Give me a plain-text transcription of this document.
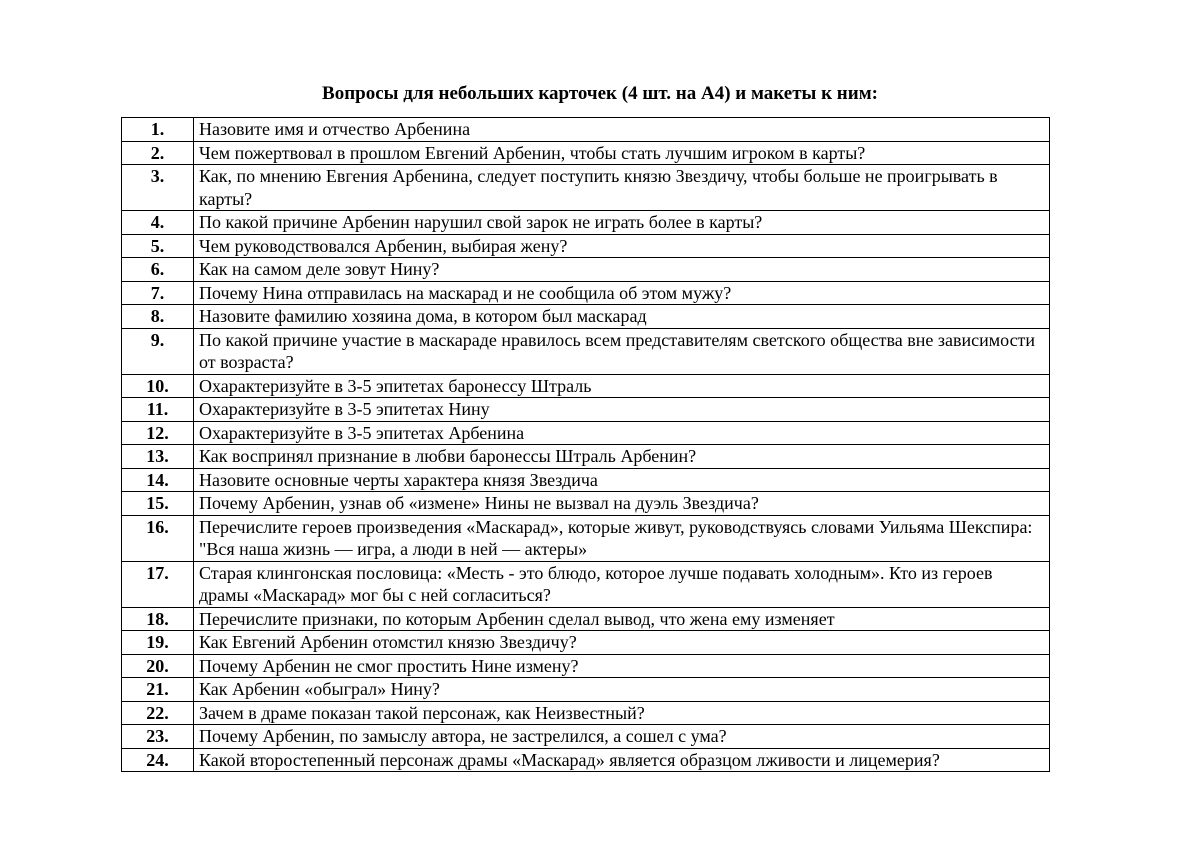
Вопросы для небольших карточек (4 шт. на А4) и макеты к ним:
1.	Назовите имя и отчество Арбенина
2.	Чем пожертвовал в прошлом Евгений Арбенин, чтобы стать лучшим игроком в карты?
3.	Как, по мнению Евгения Арбенина, следует поступить князю Звездичу, чтобы больше не проигрывать в карты?
4.	По какой причине Арбенин нарушил свой зарок не играть более в карты?
5.	Чем руководствовался Арбенин, выбирая жену?
6.	Как на самом деле зовут Нину?
7.	Почему Нина отправилась на маскарад и не сообщила об этом мужу?
8.	Назовите фамилию хозяина дома, в котором был маскарад
9.	По какой причине участие в маскараде нравилось всем представителям светского общества вне зависимости от возраста?
10.	Охарактеризуйте в 3-5 эпитетах баронессу Штраль
11.	Охарактеризуйте в 3-5 эпитетах Нину
12.	Охарактеризуйте в 3-5 эпитетах Арбенина
13.	Как воспринял признание в любви баронессы Штраль Арбенин?
14.	Назовите основные черты характера князя Звездича
15.	Почему Арбенин, узнав об «измене» Нины не вызвал на дуэль Звездича?
16.	Перечислите героев произведения «Маскарад», которые живут, руководствуясь словами Уильяма Шекспира: "Вся наша жизнь — игра, а люди в ней — актеры»
17.	Старая клингонская пословица: «Месть - это блюдо, которое лучше подавать холодным». Кто из героев драмы «Маскарад» мог бы с ней согласиться?
18.	Перечислите признаки, по которым Арбенин сделал вывод, что жена ему изменяет
19.	Как Евгений Арбенин отомстил князю Звездичу?
20.	Почему Арбенин не смог простить Нине измену?
21.	Как Арбенин «обыграл» Нину?
22.	Зачем в драме показан такой персонаж, как Неизвестный?
23.	Почему Арбенин, по замыслу автора, не застрелился, а сошел с ума?
24.	Какой второстепенный персонаж драмы «Маскарад» является образцом лживости и лицемерия?
